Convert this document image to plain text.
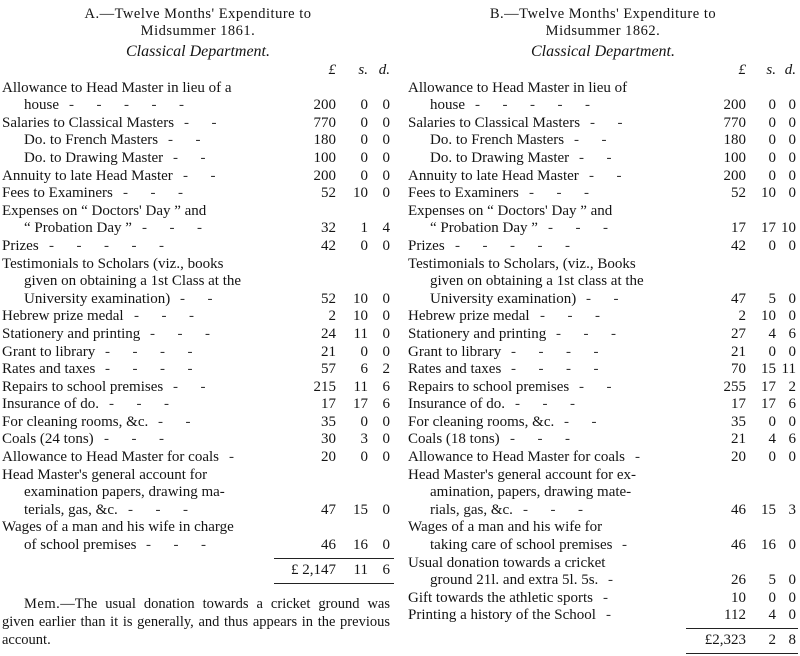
A.—Twelve Months' Expenditure to
Midsummer 1861.
Classical Department.
£	s. d.
Allowance to Head Master in lieu of a
house -      -      -      -      -	200	0 0
Salaries to Classical Masters -      -	770	0 0
Do. to French Masters -      -	180	0 0
Do. to Drawing Master -      -	100	0 0
Annuity to late Head Master -      -	200	0 0
Fees to Examiners -      -      -	52	10 0
Expenses on “ Doctors' Day ” and
“ Probation Day ” -      -      -	32	1 4
Prizes -      -      -      -      -	42	0 0
Testimonials to Scholars (viz., books
given on obtaining a 1st Class at the
University examination) -      -	52	10 0
Hebrew prize medal -      -      -	2	10 0
Stationery and printing -      -      -	24	11 0
Grant to library -      -      -      -	21	0 0
Rates and taxes -      -      -      -	57	6 2
Repairs to school premises -      -	215	11 6
Insurance of do. -      -      -	17	17 6
For cleaning rooms, &c. -      -	35	0 0
Coals (24 tons) -      -      -	30	3 0
Allowance to Head Master for coals -	20	0 0
Head Master's general account for
examination papers, drawing ma-
terials, gas, &c. -      -      -	47	15 0
Wages of a man and his wife in charge
of school premises -      -      -	46	16 0
£ 2,147	11 6
Mem.—The usual donation towards a cricket ground was given earlier than it is generally, and thus appears in the previous account.
B.—Twelve Months' Expenditure to
Midsummer 1862.
Classical Department.
£	s. d.
Allowance to Head Master in lieu of
house -      -      -      -      -	200	0 0
Salaries to Classical Masters -      -	770	0 0
Do. to French Masters -      -	180	0 0
Do. to Drawing Master -      -	100	0 0
Annuity to late Head Master -      -	200	0 0
Fees to Examiners -      -      -	52	10 0
Expenses on “ Doctors' Day ” and
“ Probation Day ” -      -      -	17	17 10
Prizes -      -      -      -      -	42	0 0
Testimonials to Scholars, (viz., Books
given on obtaining a 1st class at the
University examination) -      -	47	5 0
Hebrew prize medal -      -      -	2	10 0
Stationery and printing -      -      -	27	4 6
Grant to library -      -      -      -	21	0 0
Rates and taxes -      -      -      -	70	15 11
Repairs to school premises -      -	255	17 2
Insurance of do. -      -      -	17	17 6
For cleaning rooms, &c. -      -	35	0 0
Coals (18 tons) -      -      -	21	4 6
Allowance to Head Master for coals -	20	0 0
Head Master's general account for ex-
amination, papers, drawing mate-
rials, gas, &c. -      -      -	46	15 3
Wages of a man and his wife for
taking care of school premises -	46	16 0
Usual donation towards a cricket
ground 21l. and extra 5l. 5s. -	26	5 0
Gift towards the athletic sports -	10	0 0
Printing a history of the School -	112	4 0
£2,323	2 8
